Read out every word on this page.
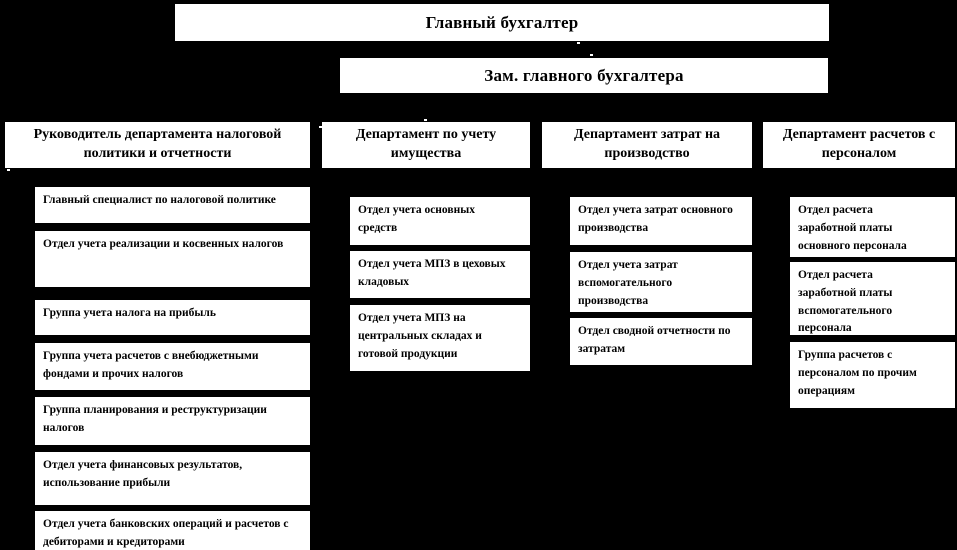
Главный бухгалтер
Зам. главного бухгалтера
Руководитель департамента налоговой политики и отчетности
Департамент по учету имущества
Департамент затрат на производство
Департамент расчетов с персоналом
Главный специалист по налоговой политике
Отдел учета реализации и косвенных налогов
Группа учета налога на прибыль
Группа учета расчетов с внебюджетными фондами и прочих налогов
Группа планирования и реструктуризации налогов
Отдел учета финансовых результатов, использование прибыли
Отдел учета банковских операций и расчетов с дебиторами и кредиторами
Отдел учета основных средств
Отдел учета МПЗ в цеховых кладовых
Отдел учета МПЗ на центральных складах и готовой продукции
Отдел учета затрат основного производства
Отдел учета затрат вспомогательного производства
Отдел сводной отчетности по затратам
Отдел расчета заработной платы основного персонала
Отдел расчета заработной платы вспомогательного персонала
Группа расчетов с персоналом по прочим операциям
